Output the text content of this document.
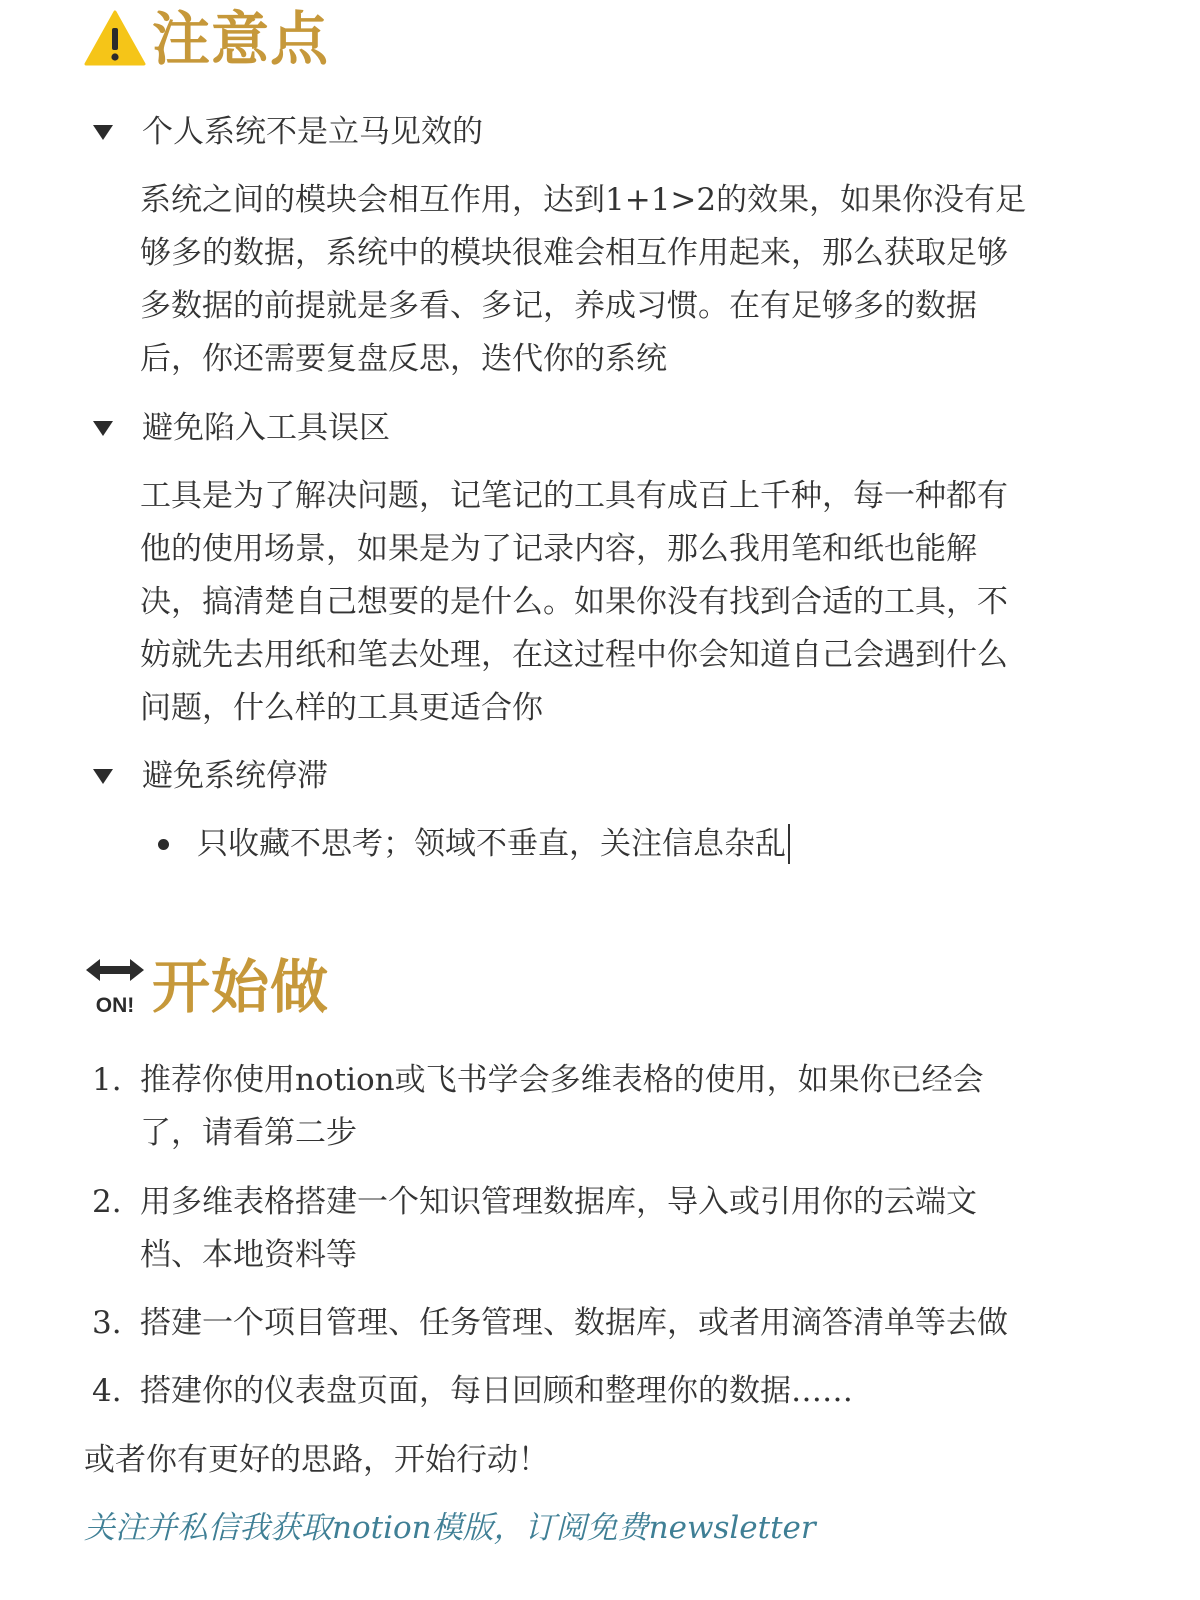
注意点
个人系统不是立马见效的
系统之间的模块会相互作用，达到1+1>2的效果，如果你没有足
够多的数据，系统中的模块很难会相互作用起来，那么获取足够
多数据的前提就是多看、多记，养成习惯。在有足够多的数据
后，你还需要复盘反思，迭代你的系统
避免陷入工具误区
工具是为了解决问题，记笔记的工具有成百上千种，每一种都有
他的使用场景，如果是为了记录内容，那么我用笔和纸也能解
决，搞清楚自己想要的是什么。如果你没有找到合适的工具，不
妨就先去用纸和笔去处理，在这过程中你会知道自己会遇到什么
问题，什么样的工具更适合你
避免系统停滞
只收藏不思考；领域不垂直，关注信息杂乱
ON! 开始做
1. 推荐你使用notion或飞书学会多维表格的使用，如果你已经会
了，请看第二步
2. 用多维表格搭建一个知识管理数据库，导入或引用你的云端文
档、本地资料等
3. 搭建一个项目管理、任务管理、数据库，或者用滴答清单等去做
4. 搭建你的仪表盘页面，每日回顾和整理你的数据……
或者你有更好的思路，开始行动！
关注并私信我获取notion模版，订阅免费newsletter
